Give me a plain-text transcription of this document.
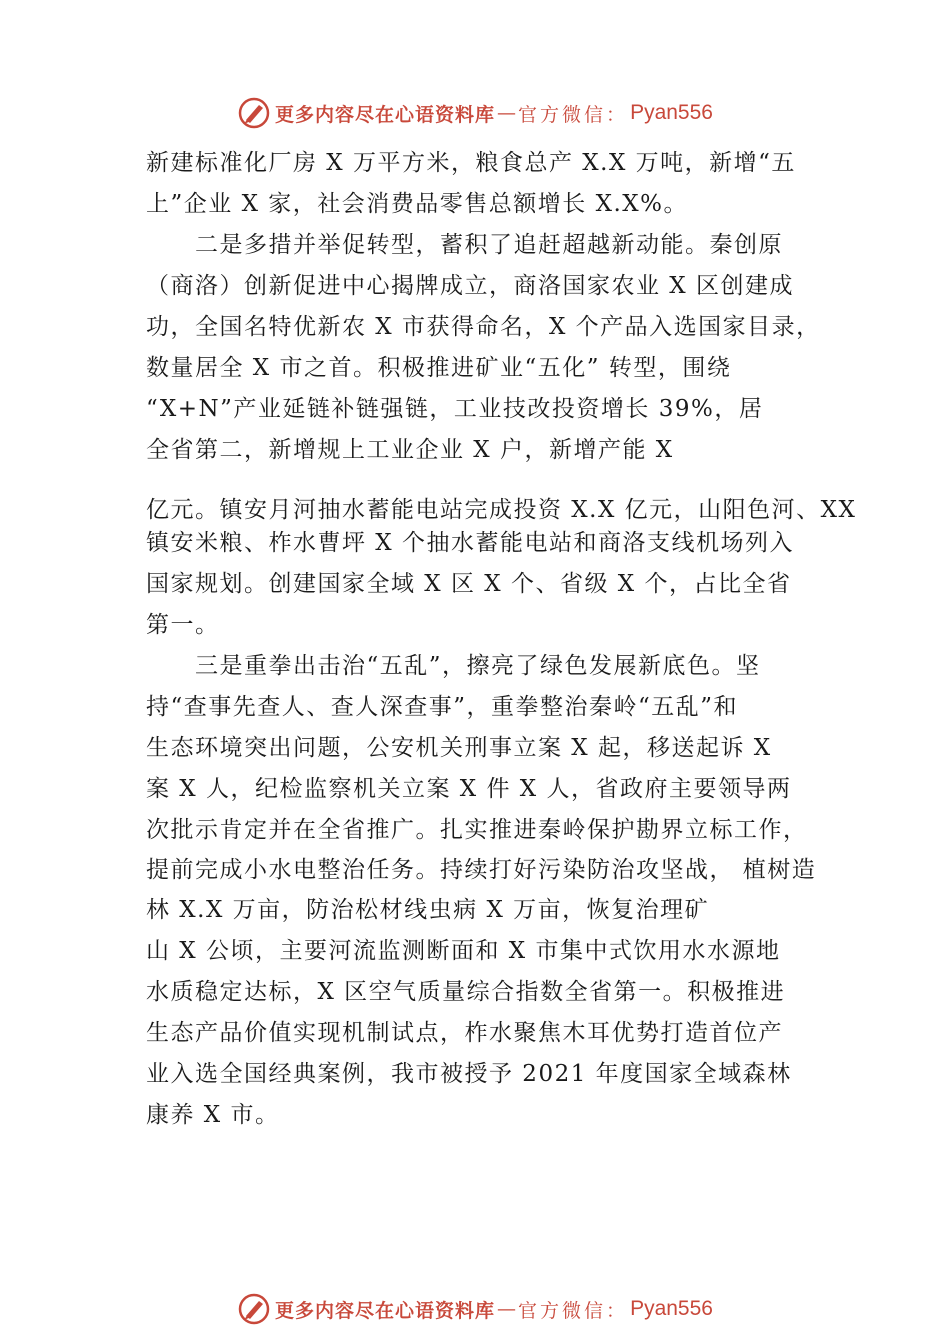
更多内容尽在心语资料库 — 官方微信： Pyan556
新建标准化厂房 X 万平方米，粮食总产 X.X 万吨，新增“五
上”企业 X 家，社会消费品零售总额增长 X.X%。
　　二是多措并举促转型，蓄积了追赶超越新动能。秦创原
（商洛）创新促进中心揭牌成立，商洛国家农业 X 区创建成
功，全国名特优新农 X 市获得命名，X 个产品入选国家目录，
数量居全 X 市之首。积极推进矿业“五化” 转型，围绕
“X+N”产业延链补链强链，工业技改投资增长 39%，居
全省第二，新增规上工业企业 X 户，新增产能 X
亿元。镇安月河抽水蓄能电站完成投资 X.X 亿元，山阳色河、XX
镇安米粮、柞水曹坪 X 个抽水蓄能电站和商洛支线机场列入
国家规划。创建国家全域 X 区 X 个、省级 X 个，占比全省
第一。
　　三是重拳出击治“五乱”，擦亮了绿色发展新底色。坚
持“查事先查人、查人深查事”，重拳整治秦岭“五乱”和
生态环境突出问题，公安机关刑事立案 X 起，移送起诉 X
案 X 人，纪检监察机关立案 X 件 X 人，省政府主要领导两
次批示肯定并在全省推广。扎实推进秦岭保护勘界立标工作，
提前完成小水电整治任务。持续打好污染防治攻坚战， 植树造
林 X.X 万亩，防治松材线虫病 X 万亩，恢复治理矿
山 X 公顷，主要河流监测断面和 X 市集中式饮用水水源地
水质稳定达标，X 区空气质量综合指数全省第一。积极推进
生态产品价值实现机制试点，柞水聚焦木耳优势打造首位产
业入选全国经典案例，我市被授予 2021 年度国家全域森林
康养 X 市。
更多内容尽在心语资料库 — 官方微信： Pyan556
